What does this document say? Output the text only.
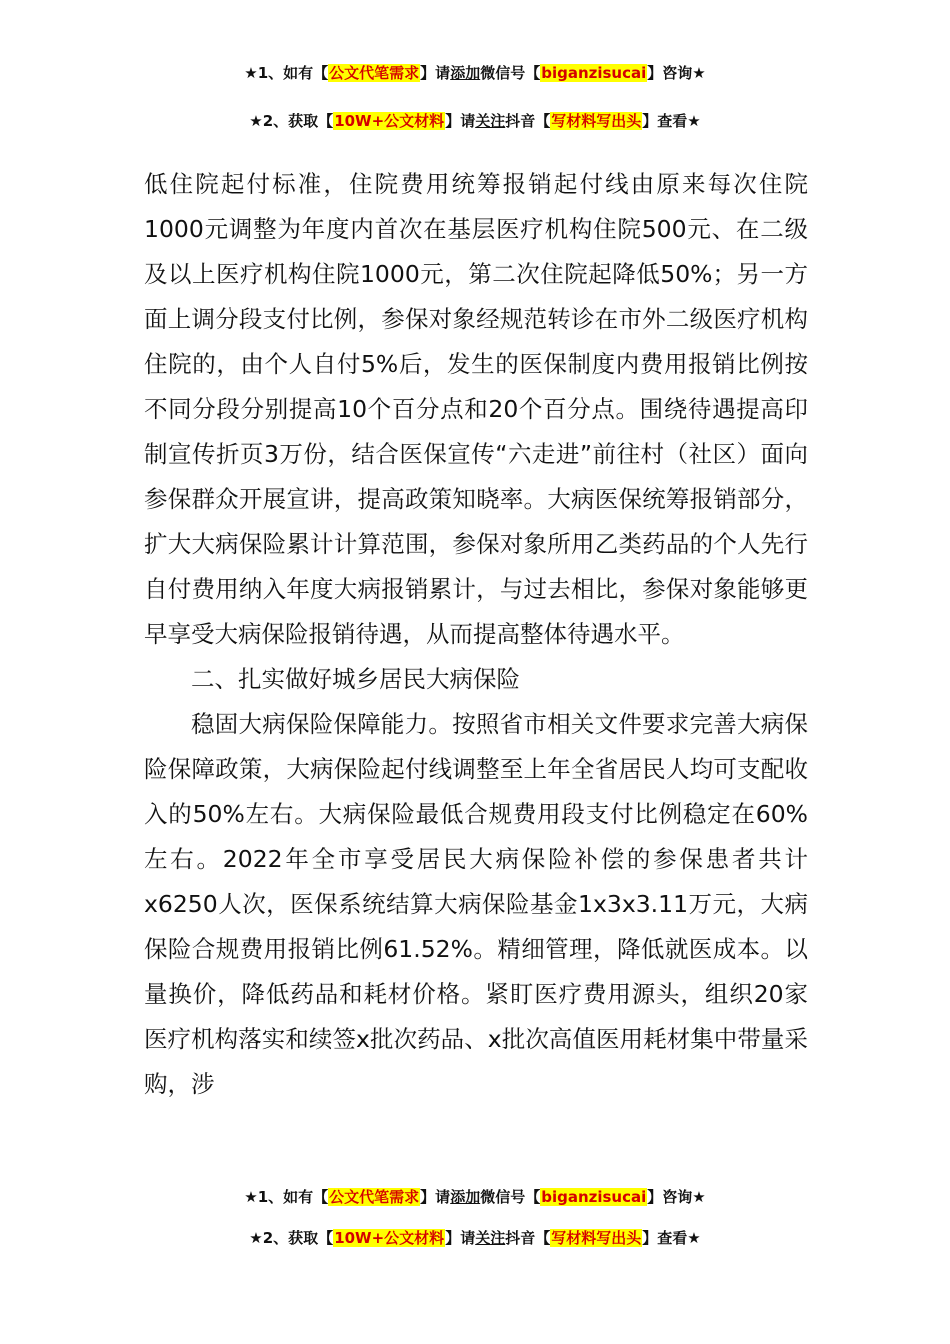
★1、如有【公文代笔需求】请添加微信号【biganzisucai】咨询★
★2、获取【10W+公文材料】请关注抖音【写材料写出头】查看★

低住院起付标准，住院费用统筹报销起付线由原来每次住院1000元调整为年度内首次在基层医疗机构住院500元、在二级及以上医疗机构住院1000元，第二次住院起降低50%；另一方面上调分段支付比例，参保对象经规范转诊在市外二级医疗机构住院的，由个人自付5%后，发生的医保制度内费用报销比例按不同分段分别提高10个百分点和20个百分点。围绕待遇提高印制宣传折页3万份，结合医保宣传“六走进”前往村（社区）面向参保群众开展宣讲，提高政策知晓率。大病医保统筹报销部分，扩大大病保险累计计算范围，参保对象所用乙类药品的个人先行自付费用纳入年度大病报销累计，与过去相比，参保对象能够更早享受大病保险报销待遇，从而提高整体待遇水平。

二、扎实做好城乡居民大病保险

稳固大病保险保障能力。按照省市相关文件要求完善大病保险保障政策，大病保险起付线调整至上年全省居民人均可支配收入的50%左右。大病保险最低合规费用段支付比例稳定在60%左右。2022年全市享受居民大病保险补偿的参保患者共计x6250人次，医保系统结算大病保险基金1x3x3.11万元，大病保险合规费用报销比例61.52%。精细管理，降低就医成本。以量换价，降低药品和耗材价格。紧盯医疗费用源头，组织20家医疗机构落实和续签x批次药品、x批次高值医用耗材集中带量采购，涉

★1、如有【公文代笔需求】请添加微信号【biganzisucai】咨询★
★2、获取【10W+公文材料】请关注抖音【写材料写出头】查看★
